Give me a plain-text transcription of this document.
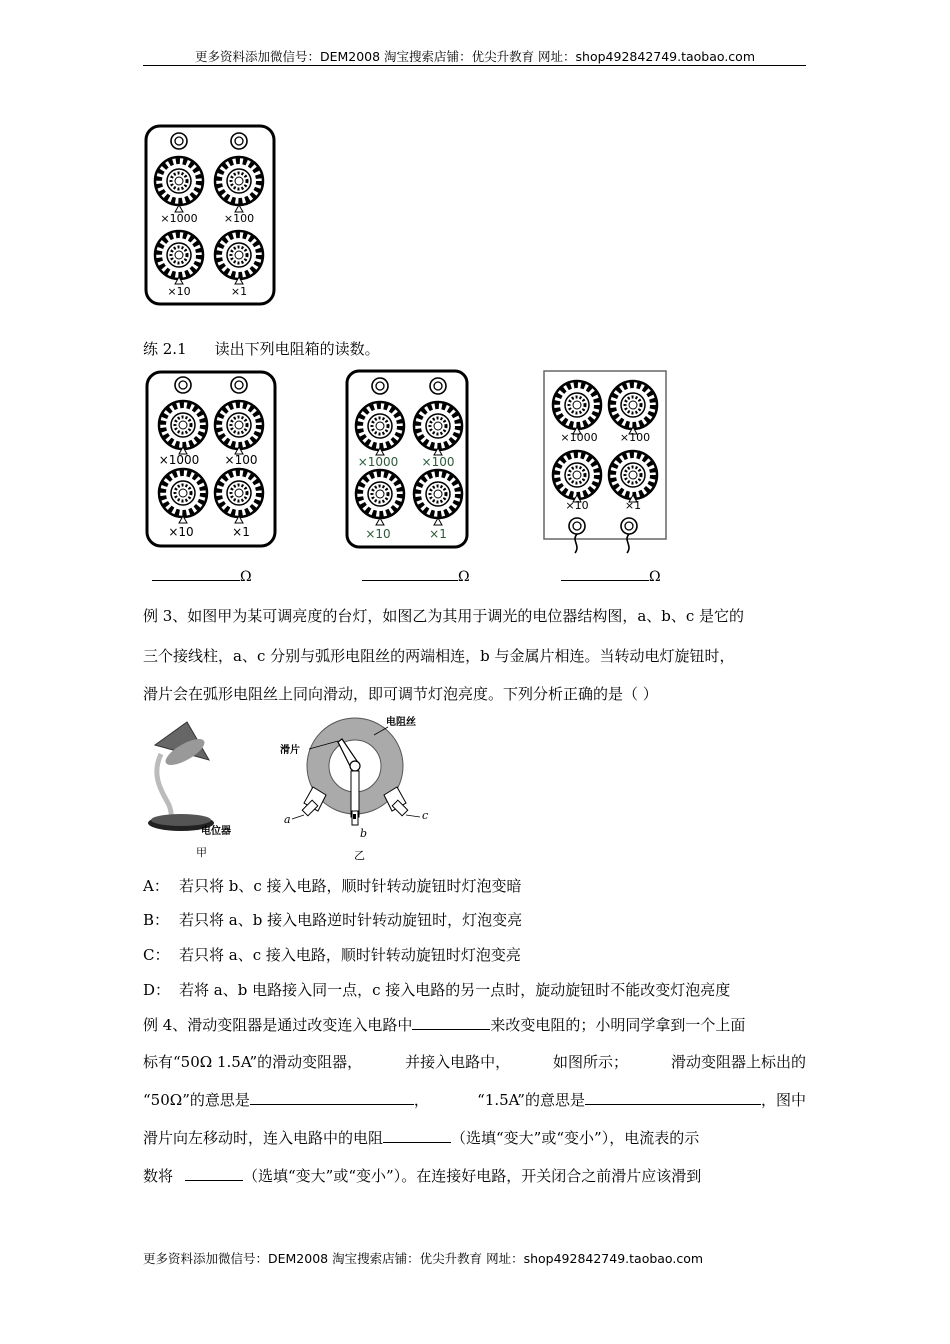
更多资料添加微信号：DEM2008 淘宝搜索店铺：优尖升教育 网址：shop492842749.taobao.com
×1000 ×100
×10	×1
练 2.1 读出下列电阻箱的读数。
×1000 ×100
×10	×1
×1000 ×100
×10	×1
×1000 ×100
×10	×1
Ω	Ω	Ω
例 3、如图甲为某可调亮度的台灯，如图乙为其用于调光的电位器结构图，a、b、c 是它的
三个接线柱，a、c 分别与弧形电阻丝的两端相连，b 与金属片相连。当转动电灯旋钮时，
滑片会在弧形电阻丝上同向滑动，即可调节灯泡亮度。下列分析正确的是（ ）
电位器
甲
滑片
电阻丝
a
b
c
乙
A： 若只将 b、c 接入电路，顺时针转动旋钮时灯泡变暗
B： 若只将 a、b 接入电路逆时针转动旋钮时，灯泡变亮
C： 若只将 a、c 接入电路，顺时针转动旋钮时灯泡变亮
D： 若将 a、b 电路接入同一点，c 接入电路的另一点时，旋动旋钮时不能改变灯泡亮度
例 4、滑动变阻器是通过改变连入电路中	来改变电阻的；小明同学拿到一个上面
标有“50Ω 1.5A”的滑动变阻器，	并接入电路中，	如图所示；	滑动变阻器上标出的
“50Ω”的意思是	，	“1.5A”的意思是	，图中
滑片向左移动时，连入电路中的电阻	（选填“变大”或“变小”），电流表的示
数将	（选填“变大”或“变小”）。在连接好电路，开关闭合之前滑片应该滑到
更多资料添加微信号：DEM2008 淘宝搜索店铺：优尖升教育 网址：shop492842749.taobao.com
